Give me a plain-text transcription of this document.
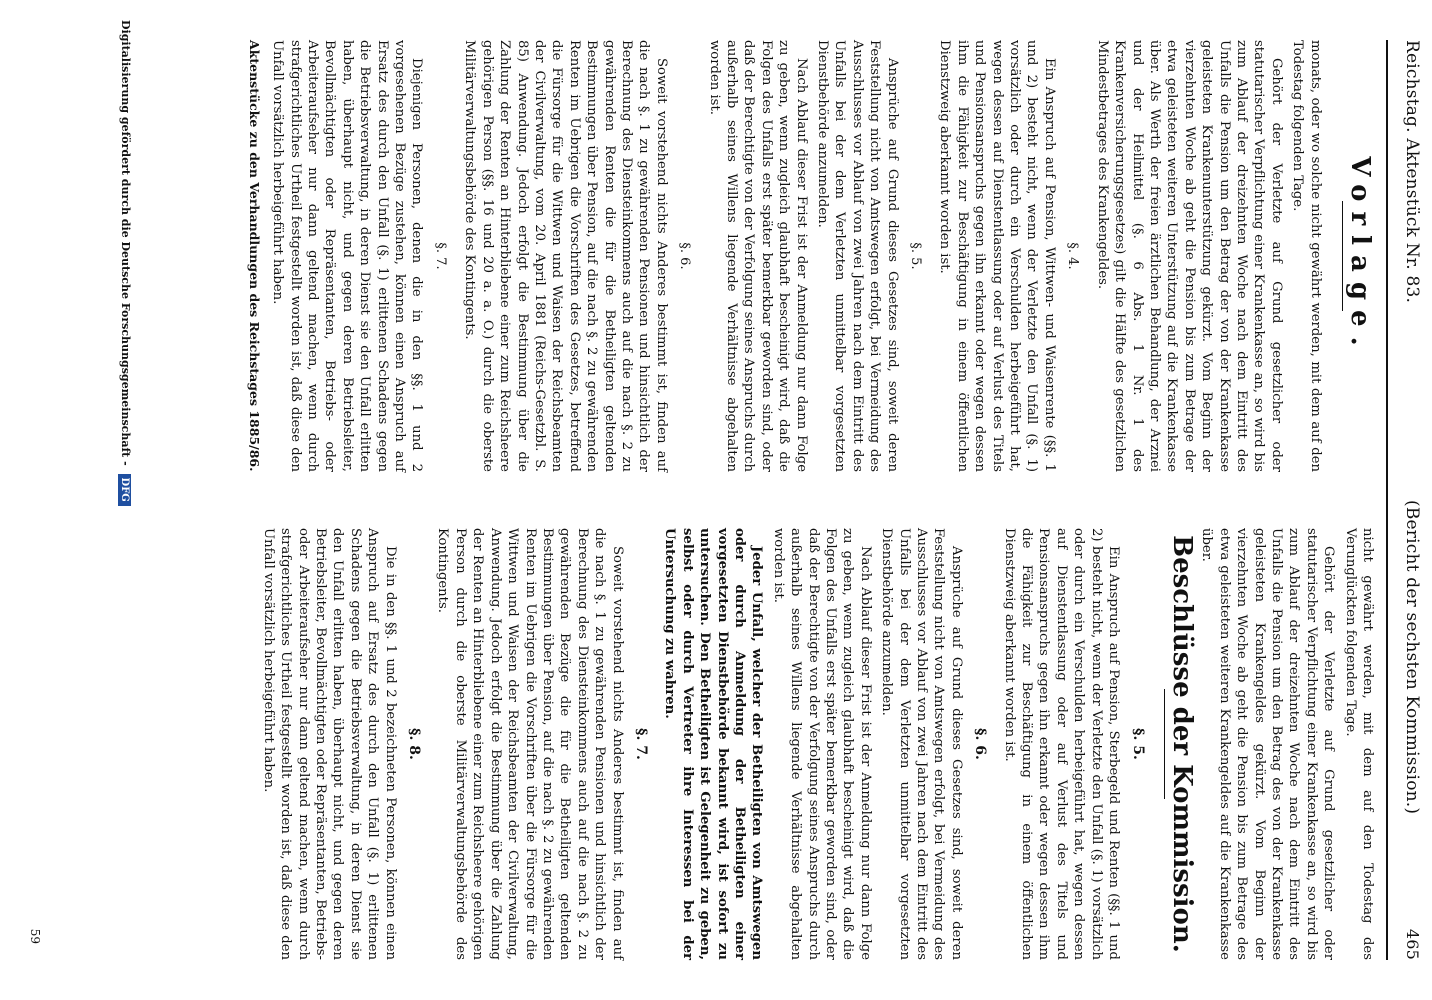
Reichstag. Aktenstück Nr. 83.
(Bericht der sechsten Kommission.)
465
Vorlage.

monats, oder wo solche nicht gewährt werden, mit dem auf den Todestag folgenden Tage.

Gehört der Verletzte auf Grund gesetzlicher oder statutarischer Verpflichtung einer Krankenkasse an, so wird bis zum Ablauf der dreizehnten Woche nach dem Eintritt des Unfalls die Pension um den Betrag der von der Krankenkasse geleisteten Krankenunterstützung gekürzt. Vom Beginn der vierzehnten Woche ab geht die Pension bis zum Betrage der etwa geleisteten weiteren Unterstützung auf die Krankenkasse über. Als Werth der freien ärztlichen Behandlung, der Arznei und der Heilmittel (§. 6 Abs. 1 Nr. 1 des Krankenversicherungsgesetzes) gilt die Hälfte des gesetzlichen Mindestbetrages des Krankengeldes.

§. 4.

Ein Anspruch auf Pension, Wittwen- und Waisenrente (§§. 1 und 2) besteht nicht, wenn der Verletzte den Unfall (§. 1) vorsätzlich oder durch ein Verschulden herbeigeführt hat, wegen dessen auf Dienstentlassung oder auf Verlust des Titels und Pensionsanspruchs gegen ihn erkannt oder wegen dessen ihm die Fähigkeit zur Beschäftigung in einem öffentlichen Dienstzweig aberkannt worden ist.

§. 5.

Ansprüche auf Grund dieses Gesetzes sind, soweit deren Feststellung nicht von Amtswegen erfolgt, bei Vermeidung des Ausschlusses vor Ablauf von zwei Jahren nach dem Eintritt des Unfalls bei der dem Verletzten unmittelbar vorgesetzten Dienstbehörde anzumelden.

Nach Ablauf dieser Frist ist der Anmeldung nur dann Folge zu geben, wenn zugleich glaubhaft bescheinigt wird, daß die Folgen des Unfalls erst später bemerkbar geworden sind, oder daß der Berechtigte von der Verfolgung seines Anspruchs durch außerhalb seines Willens liegende Verhältnisse abgehalten worden ist.

§. 6.

Soweit vorstehend nichts Anderes bestimmt ist, finden auf die nach §. 1 zu gewährenden Pensionen und hinsichtlich der Berechnung des Diensteinkommens auch auf die nach §. 2 zu gewährenden Renten die für die Betheiligten geltenden Bestimmungen über Pension, auf die nach §. 2 zu gewährenden Renten im Uebrigen die Vorschriften des Gesetzes, betreffend die Fürsorge für die Wittwen und Waisen der Reichsbeamten der Civilverwaltung, vom 20. April 1881 (Reichs-Gesetzbl. S. 85) Anwendung. Jedoch erfolgt die Bestimmung über die Zahlung der Renten an Hinterbliebene einer zum Reichsheere gehörigen Person (§§. 16 und 20 a. a. O.) durch die oberste Militärverwaltungsbehörde des Kontingents.

§. 7.

Diejenigen Personen, denen die in den §§. 1 und 2 vorgesehenen Bezüge zustehen, können einen Anspruch auf Ersatz des durch den Unfall (§. 1) erlittenen Schadens gegen die Betriebsverwaltung, in deren Dienst sie den Unfall erlitten haben, überhaupt nicht, und gegen deren Betriebsleiter, Bevollmächtigten oder Repräsentanten, Betriebs- oder Arbeiteraufseher nur dann geltend machen, wenn durch strafgerichtliches Urtheil festgestellt worden ist, daß diese den Unfall vorsätzlich herbeigeführt haben.

Aktenstücke zu den Verhandlungen des Reichstages 1885/86.

nicht gewährt werden, mit dem auf den Todestag des Verunglückten folgenden Tage.

Gehört der Verletzte auf Grund gesetzlicher oder statutarischer Verpflichtung einer Krankenkasse an, so wird bis zum Ablauf der dreizehnten Woche nach dem Eintritt des Unfalls die Pension um den Betrag des von der Krankenkasse geleisteten Krankengeldes gekürzt. Vom Beginn der vierzehnten Woche ab geht die Pension bis zum Betrage des etwa geleisteten weiteren Krankengeldes auf die Krankenkasse über.

Beschlüsse der Kommission.
§. 5.

Ein Anspruch auf Pension, Sterbegeld und Renten (§§. 1 und 2) besteht nicht, wenn der Verletzte den Unfall (§. 1) vorsätzlich oder durch ein Verschulden herbeigeführt hat, wegen dessen auf Dienstentlassung oder auf Verlust des Titels und Pensionsanspruchs gegen ihn erkannt oder wegen dessen ihm die Fähigkeit zur Beschäftigung in einem öffentlichen Dienstzweig aberkannt worden ist.

§. 6.

Ansprüche auf Grund dieses Gesetzes sind, soweit deren Feststellung nicht von Amtswegen erfolgt, bei Vermeidung des Ausschlusses vor Ablauf von zwei Jahren nach dem Eintritt des Unfalls bei der dem Verletzten unmittelbar vorgesetzten Dienstbehörde anzumelden.

Nach Ablauf dieser Frist ist der Anmeldung nur dann Folge zu geben, wenn zugleich glaubhaft bescheinigt wird, daß die Folgen des Unfalls erst später bemerkbar geworden sind, oder daß der Berechtigte von der Verfolgung seines Anspruchs durch außerhalb seines Willens liegende Verhältnisse abgehalten worden ist.

Jeder Unfall, welcher der Betheiligten von Amtswegen oder durch Anmeldung der Betheiligten einer vorgesetzten Dienstbehörde bekannt wird, ist sofort zu untersuchen. Den Betheiligten ist Gelegenheit zu geben, selbst oder durch Vertreter ihre Interessen bei der Untersuchung zu wahren.

§. 7.

Soweit vorstehend nichts Anderes bestimmt ist, finden auf die nach §. 1 zu gewährenden Pensionen und hinsichtlich der Berechnung des Diensteinkommens auch auf die nach §. 2 zu gewährenden Bezüge die für die Betheiligten geltenden Bestimmungen über Pension, auf die nach §. 2 zu gewährenden Renten im Uebrigen die Vorschriften über die Fürsorge für die Wittwen und Waisen der Reichsbeamten der Civilverwaltung, Anwendung. Jedoch erfolgt die Bestimmung über die Zahlung der Renten an Hinterbliebene einer zum Reichsheere gehörigen Person durch die oberste Militärverwaltungsbehörde des Kontingents.

§. 8.

Die in den §§. 1 und 2 bezeichneten Personen, können einen Anspruch auf Ersatz des durch den Unfall (§. 1) erlittenen Schadens gegen die Betriebsverwaltung, in deren Dienst sie den Unfall erlitten haben, überhaupt nicht, und gegen deren Betriebsleiter, Bevollmächtigten oder Repräsentanten, Betriebs- oder Arbeiteraufseher nur dann geltend machen, wenn durch strafgerichtliches Urtheil festgestellt worden ist, daß diese den Unfall vorsätzlich herbeigeführt haben.

59
Digitalisierung gefördert durch die Deutsche Forschungsgemeinschaft - DFG
